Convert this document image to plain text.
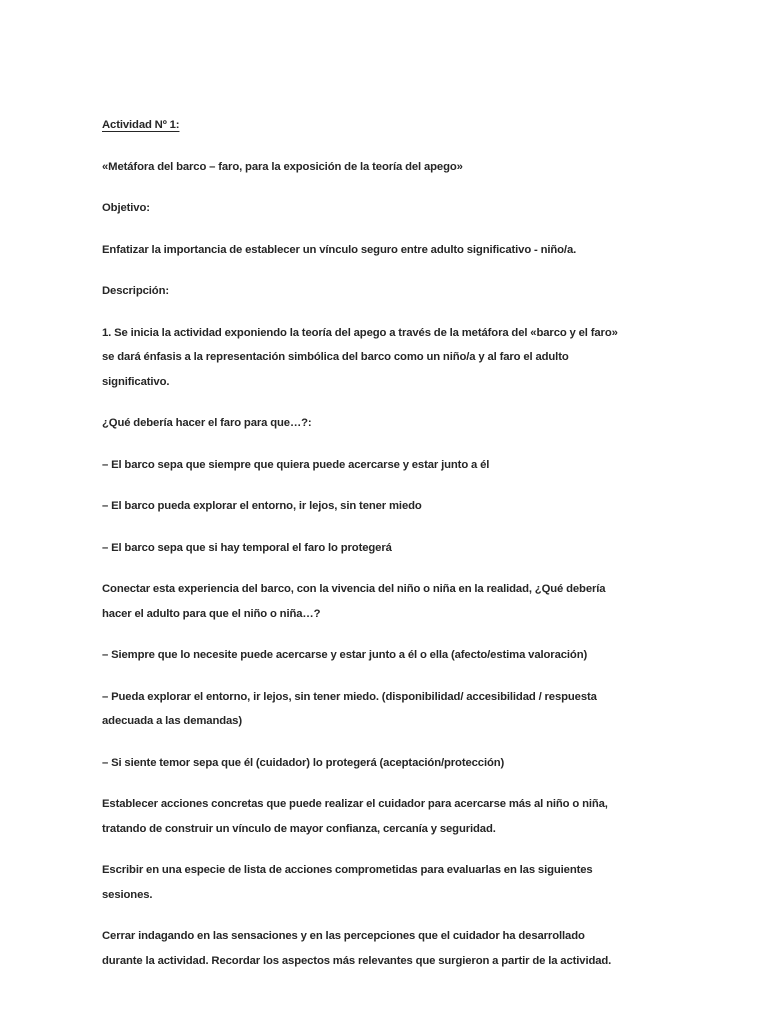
Actividad Nº 1:

«Metáfora del barco – faro, para la exposición de la teoría del apego»

Objetivo:

Enfatizar la importancia de establecer un vínculo seguro entre adulto significativo - niño/a.

Descripción:

1. Se inicia la actividad exponiendo la teoría del apego a través de la metáfora del «barco y el faro»
se dará énfasis a la representación simbólica del barco como un niño/a y al faro el adulto
significativo.

¿Qué debería hacer el faro para que…?:

– El barco sepa que siempre que quiera puede acercarse y estar junto a él

– El barco pueda explorar el entorno, ir lejos, sin tener miedo

– El barco sepa que si hay temporal el faro lo protegerá

Conectar esta experiencia del barco, con la vivencia del niño o niña en la realidad, ¿Qué debería
hacer el adulto para que el niño o niña…?

– Siempre que lo necesite puede acercarse y estar junto a él o ella (afecto/estima valoración)

– Pueda explorar el entorno, ir lejos, sin tener miedo. (disponibilidad/ accesibilidad / respuesta
adecuada a las demandas)

– Si siente temor sepa que él (cuidador) lo protegerá (aceptación/protección)

Establecer acciones concretas que puede realizar el cuidador para acercarse más al niño o niña,
tratando de construir un vínculo de mayor confianza, cercanía y seguridad.

Escribir en una especie de lista de acciones comprometidas para evaluarlas en las siguientes
sesiones.

Cerrar indagando en las sensaciones y en las percepciones que el cuidador ha desarrollado
durante la actividad. Recordar los aspectos más relevantes que surgieron a partir de la actividad.
